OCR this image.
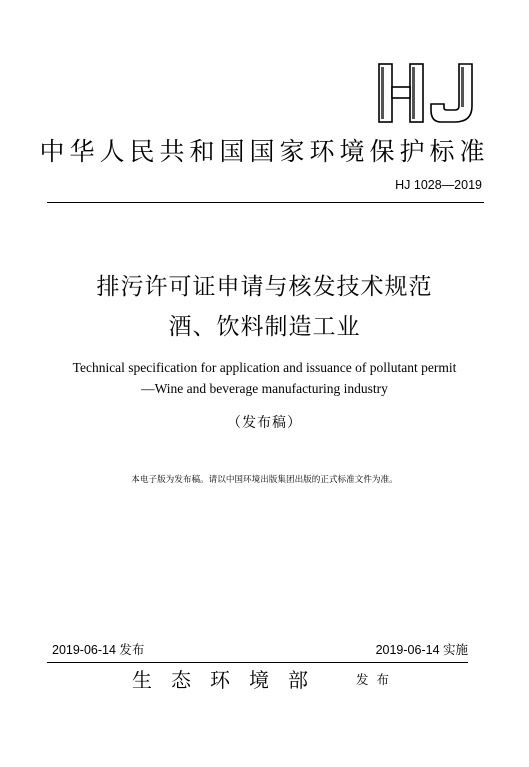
中华人民共和国国家环境保护标准
HJ 1028—2019
排污许可证申请与核发技术规范
酒、饮料制造工业
Technical specification for application and issuance of pollutant permit
—Wine and beverage manufacturing industry
（发布稿）
本电子版为发布稿。请以中国环境出版集团出版的正式标准文件为准。
2019-06-14 发布	2019-06-14 实施
生态环境部 发布
